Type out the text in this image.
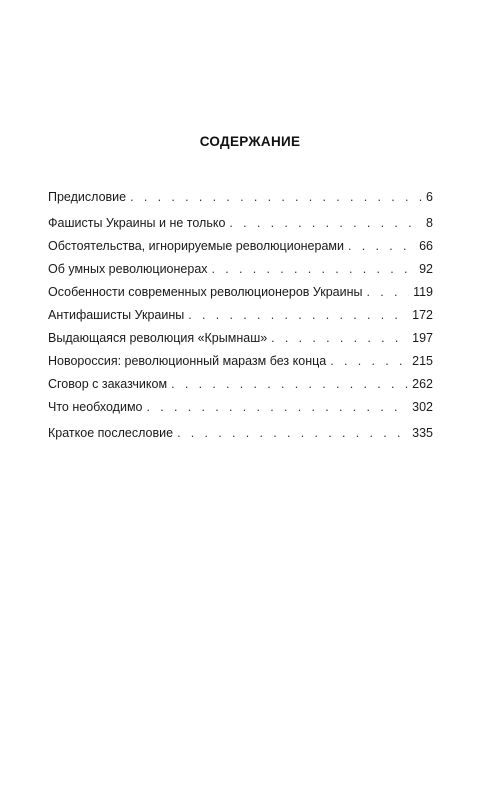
СОДЕРЖАНИЕ
Предисловие . . .	6
Фашисты Украины и не только . . .	8
Обстоятельства, игнорируемые революционерами . . .	66
Об умных революционерах . . .	92
Особенности современных революционеров Украины . . .	119
Антифашисты Украины . . .	172
Выдающаяся революция «Крымнаш» . . .	197
Новороссия: революционный маразм без конца . . .	215
Сговор с заказчиком . . .	262
Что необходимо . . .	302
Краткое послесловие . . .	335
